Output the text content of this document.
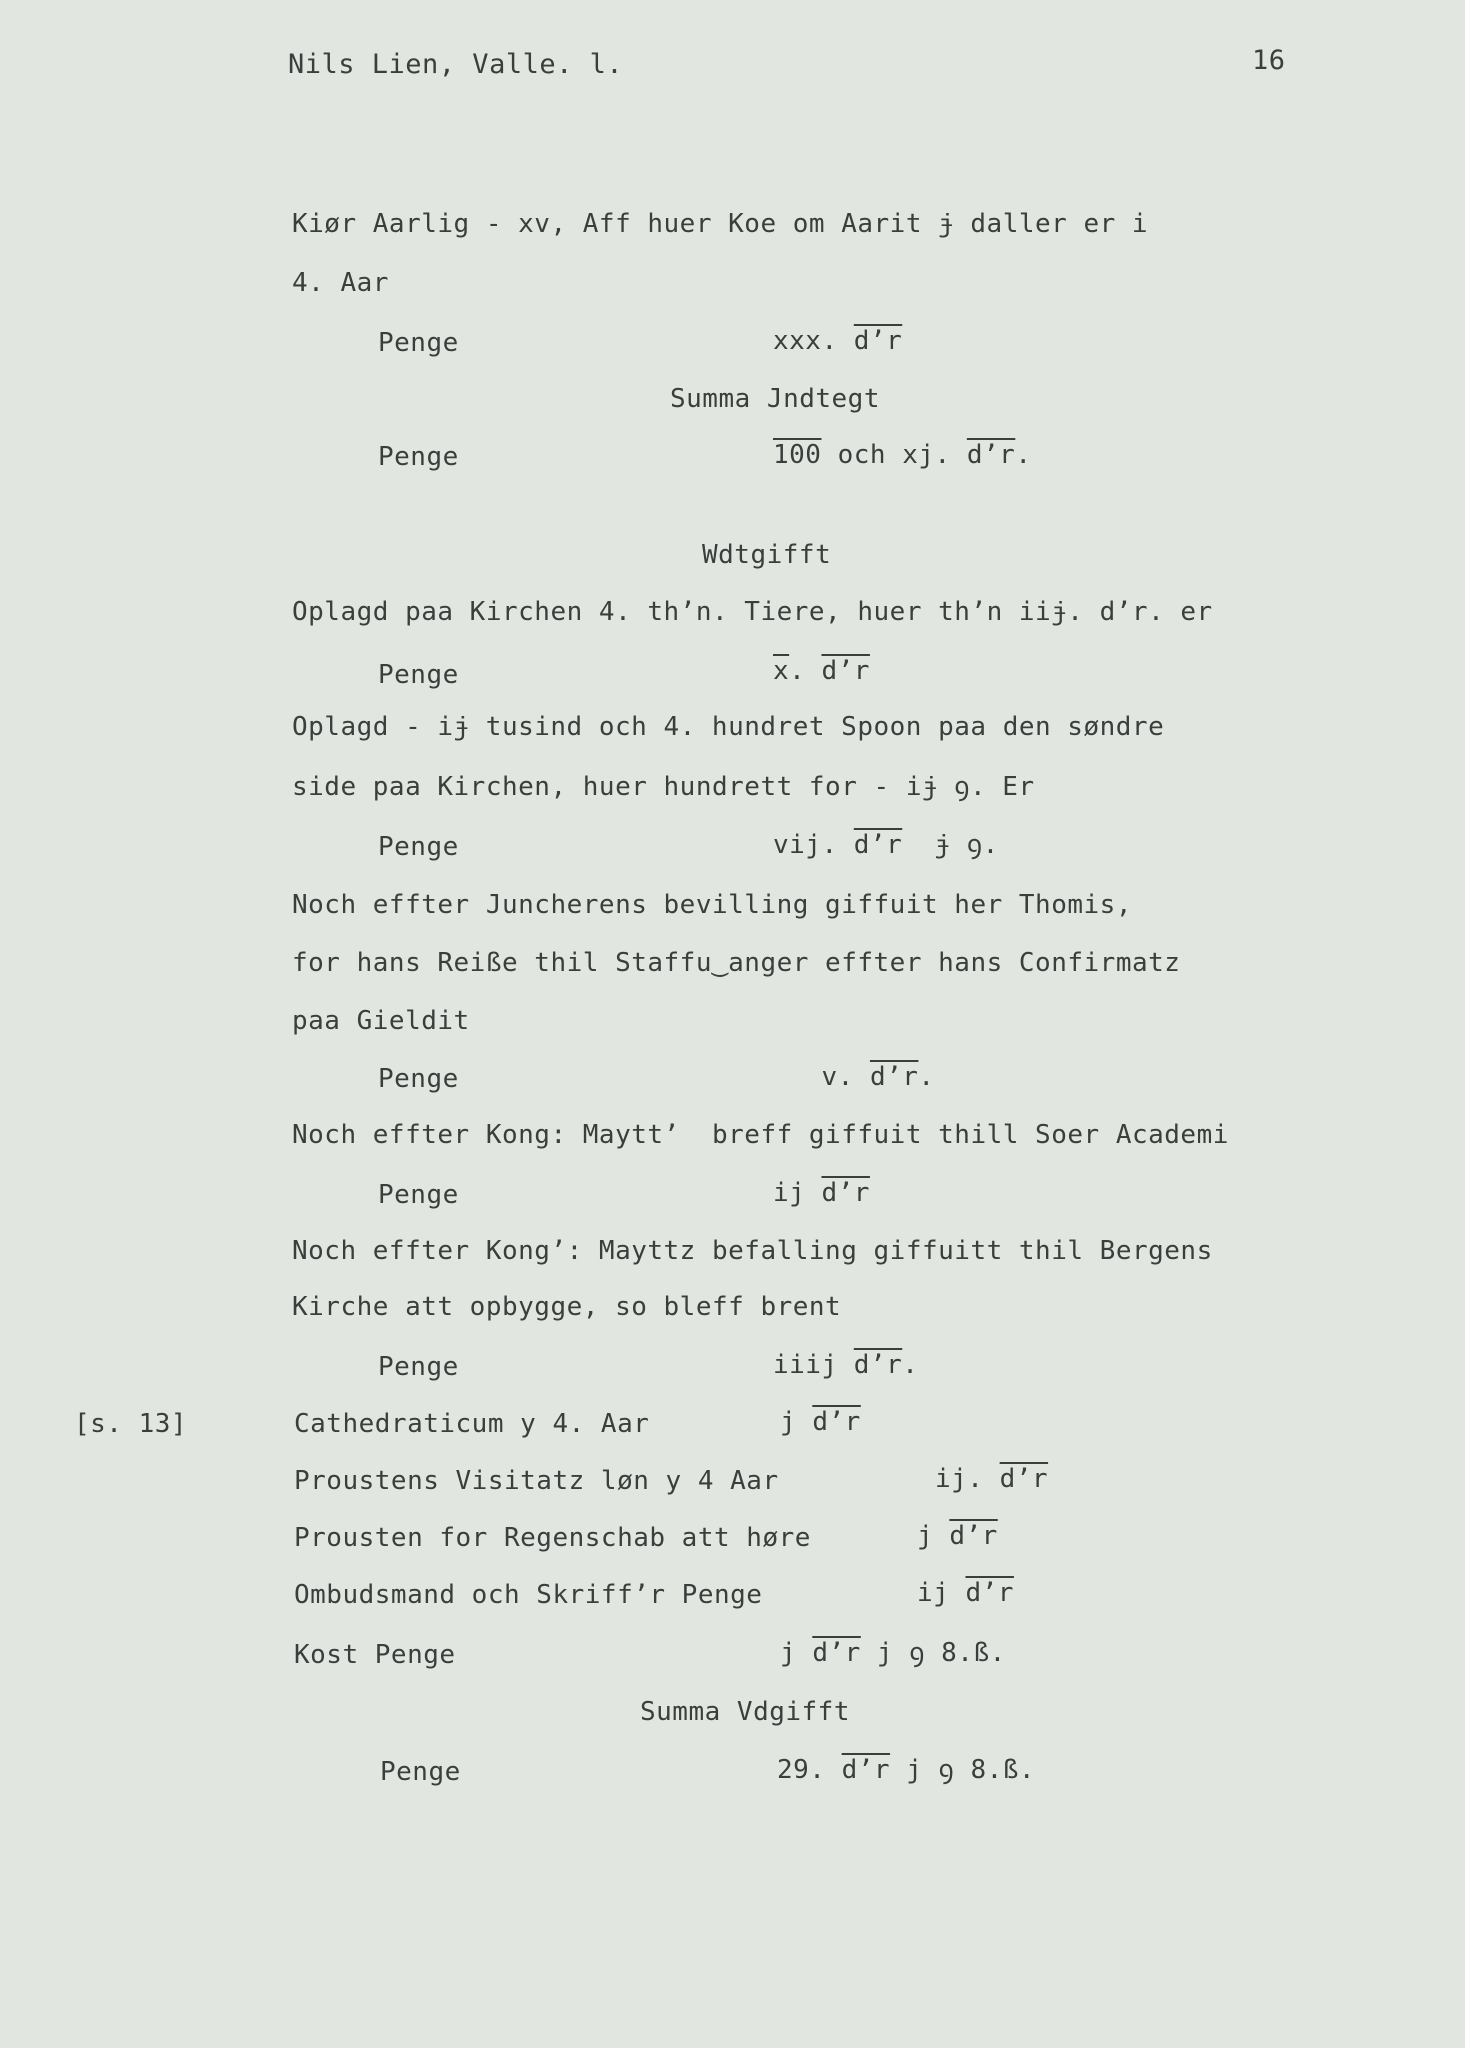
Nils Lien, Valle. l.	16
Kiør Aarlig - xv, Aff huer Koe om Aarit ɉ daller er i
4. Aar
Penge	xxx. d’r
Summa Jndtegt
Penge	100 och xj. d’r.
Wdtgifft
Oplagd paa Kirchen 4. th’n. Tiere, huer th’n iiɉ. d’r. er
Penge	$\overline{x}$. d’r
Oplagd - iɉ tusind och 4. hundret Spoon paa den søndre
side paa Kirchen, huer hundrett for - iɉ ꝯ. Er
Penge	vij. d’r  ɉ ꝯ.
Noch effter Juncherens bevilling giffuit her Thomis,
for hans Reiße thil Staffu‿anger effter hans Confirmatz
paa Gieldit
Penge	v. d’r.
Noch effter Kong: Maytt’  breff giffuit thill Soer Academi
Penge	ij d’r
Noch effter Kong’: Mayttz befalling giffuitt thil Bergens
Kirche att opbygge, so bleff brent
Penge	iiij d’r.
[s. 13]	Cathedraticum y 4. Aar	j d’r
Proustens Visitatz løn y 4 Aar	ij. d’r
Prousten for Regenschab att høre	j d’r
Ombudsmand och Skriff’r Penge	ij d’r
Kost Penge	j d’r j ꝯ 8.ß.
Summa Vdgifft
Penge	29. d’r j ꝯ 8.ß.
